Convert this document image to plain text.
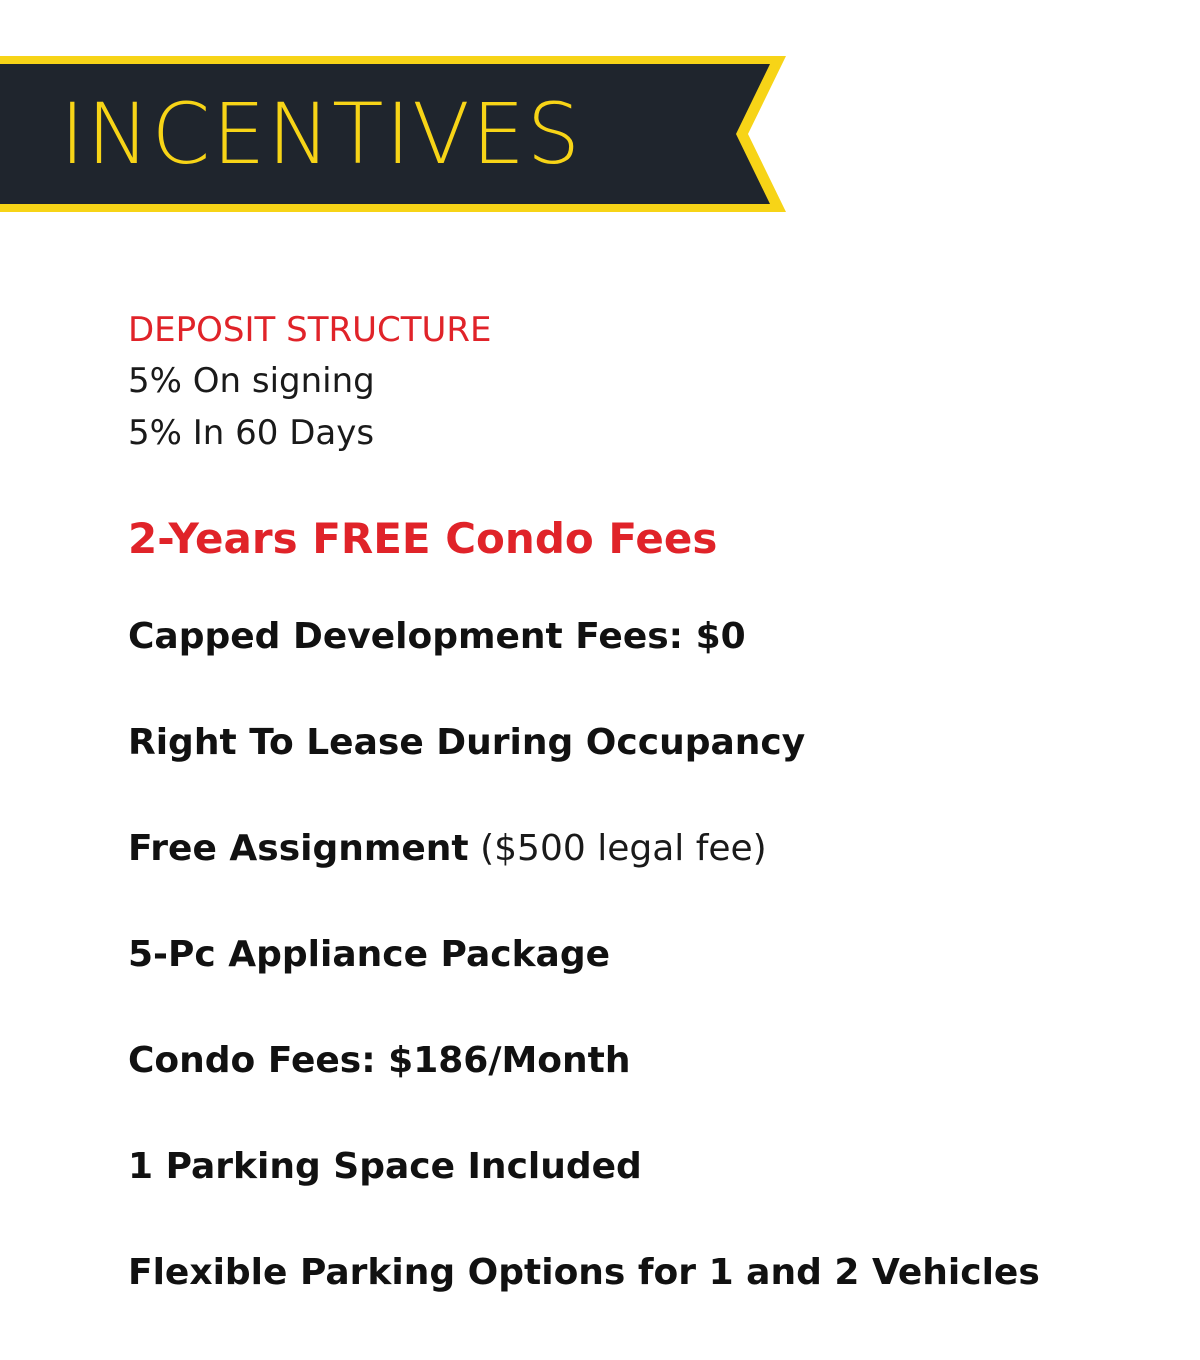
INCENTIVES
DEPOSIT STRUCTURE
5% On signing
5% In 60 Days
2-Years FREE Condo Fees
Capped Development Fees: $0
Right To Lease During Occupancy
Free Assignment ($500 legal fee)
5-Pc Appliance Package
Condo Fees: $186/Month
1 Parking Space Included
Flexible Parking Options for 1 and 2 Vehicles
